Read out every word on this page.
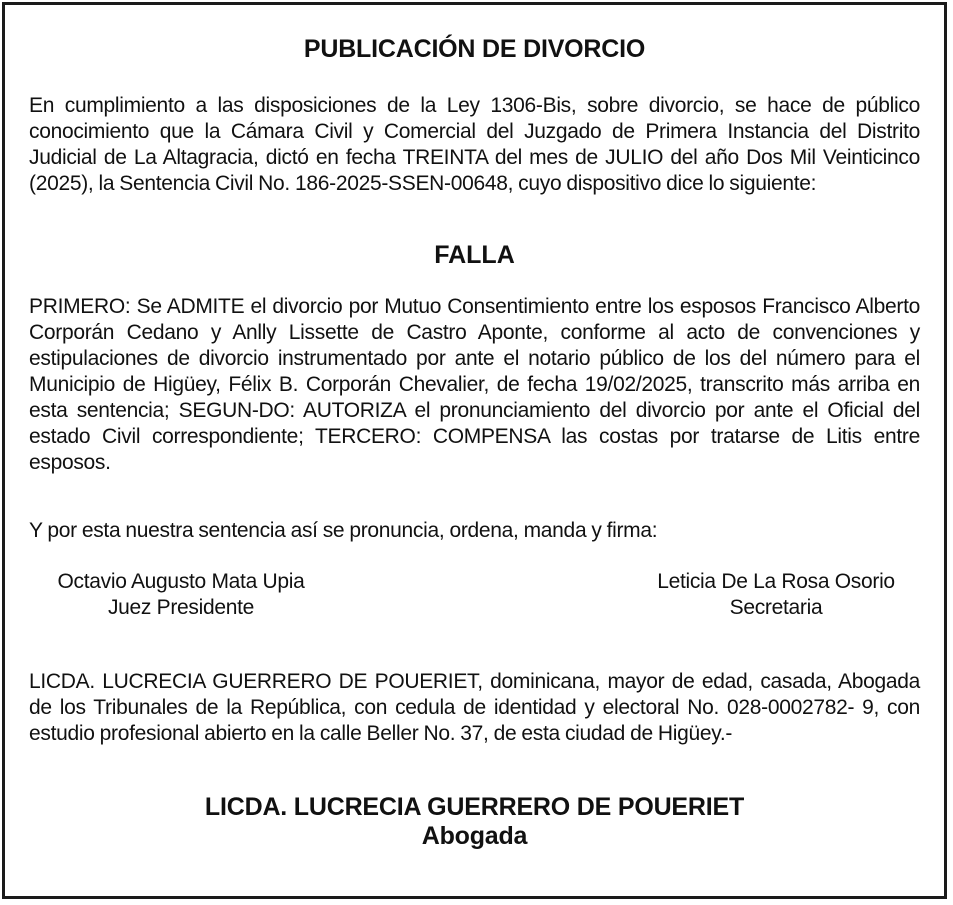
PUBLICACIÓN DE DIVORCIO
En cumplimiento a las disposiciones de la Ley 1306-Bis, sobre divorcio, se hace de público conocimiento que la Cámara Civil y Comercial del Juzgado de Primera Instancia del Distrito Judicial de La Altagracia, dictó en fecha TREINTA del mes de JULIO del año Dos Mil Veinticinco (2025), la Sentencia Civil No. 186-2025-SSEN-00648, cuyo dispositivo dice lo siguiente:
FALLA
PRIMERO: Se ADMITE el divorcio por Mutuo Consentimiento entre los esposos Francisco Alberto Corporán Cedano y Anlly Lissette de Castro Aponte, conforme al acto de convenciones y estipulaciones de divorcio instrumentado por ante el notario público de los del número para el Municipio de Higüey, Félix B. Corporán Chevalier, de fecha 19/02/2025, transcrito más arriba en esta sentencia; SEGUN-DO: AUTORIZA el pronunciamiento del divorcio por ante el Oficial del estado Civil correspondiente; TERCERO: COMPENSA las costas por tratarse de Litis entre esposos.
Y por esta nuestra sentencia así se pronuncia, ordena, manda y firma:
Octavio Augusto Mata Upia
Juez Presidente
Leticia De La Rosa Osorio
Secretaria
LICDA. LUCRECIA GUERRERO DE POUERIET, dominicana, mayor de edad, casada, Abogada de los Tribunales de la República, con cedula de identidad y electoral No. 028-0002782- 9, con estudio profesional abierto en la calle Beller No. 37, de esta ciudad de Higüey.-
LICDA. LUCRECIA GUERRERO DE POUERIET
Abogada
